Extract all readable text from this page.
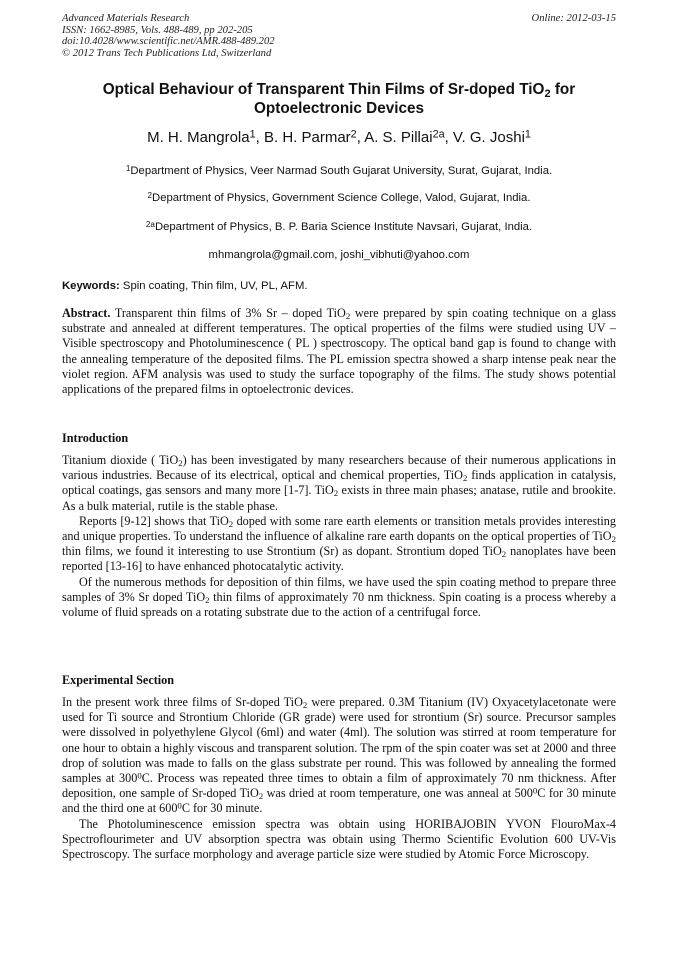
Advanced Materials Research
ISSN: 1662-8985, Vols. 488-489, pp 202-205
doi:10.4028/www.scientific.net/AMR.488-489.202
© 2012 Trans Tech Publications Ltd, Switzerland
Online: 2012-03-15
Optical Behaviour of Transparent Thin Films of Sr-doped TiO$_2$ for
Optoelectronic Devices
M. H. Mangrola$^1$, B. H. Parmar$^2$, A. S. Pillai$^{2a}$, V. G. Joshi$^1$
$^1$Department of Physics, Veer Narmad South Gujarat University, Surat, Gujarat, India.
$^2$Department of Physics, Government Science College, Valod, Gujarat, India.
$^{2a}$Department of Physics, B. P. Baria Science Institute Navsari, Gujarat, India.
mhmangrola@gmail.com, joshi_vibhuti@yahoo.com
Keywords: Spin coating, Thin film, UV, PL, AFM.

Abstract. Transparent thin films of 3% Sr – doped TiO$_2$ were prepared by spin coating technique on a glass substrate and annealed at different temperatures. The optical properties of the films were studied using UV – Visible spectroscopy and Photoluminescence ( PL ) spectroscopy. The optical band gap is found to change with the annealing temperature of the deposited films. The PL emission spectra showed a sharp intense peak near the violet region. AFM analysis was used to study the surface topography of the films. The study shows potential applications of the prepared films in optoelectronic devices.

Introduction

Titanium dioxide ( TiO$_2$) has been investigated by many researchers because of their numerous applications in various industries. Because of its electrical, optical and chemical properties, TiO$_2$ finds application in catalysis, optical coatings, gas sensors and many more [1-7]. TiO$_2$ exists in three main phases; anatase, rutile and brookite. As a bulk material, rutile is the stable phase.

Reports [9-12] shows that TiO$_2$ doped with some rare earth elements or transition metals provides interesting and unique properties. To understand the influence of alkaline rare earth dopants on the optical properties of TiO$_2$ thin films, we found it interesting to use Strontium (Sr) as dopant. Strontium doped TiO$_2$ nanoplates have been reported [13-16] to have enhanced photocatalytic activity.

Of the numerous methods for deposition of thin films, we have used the spin coating method to prepare three samples of 3% Sr doped TiO$_2$ thin films of approximately 70 nm thickness. Spin coating is a process whereby a volume of fluid spreads on a rotating substrate due to the action of a centrifugal force.

Experimental Section

In the present work three films of Sr-doped TiO$_2$ were prepared. 0.3M Titanium (IV) Oxyacetylacetonate were used for Ti source and Strontium Chloride (GR grade) were used for strontium (Sr) source. Precursor samples were dissolved in polyethylene Glycol (6ml) and water (4ml). The solution was stirred at room temperature for one hour to obtain a highly viscous and transparent solution. The rpm of the spin coater was set at 2000 and three drop of solution was made to falls on the glass substrate per round. This was followed by annealing the formed samples at $300^0C$. Process was repeated three times to obtain a film of approximately 70 nm thickness. After deposition, one sample of Sr-doped TiO$_2$ was dried at room temperature, one was anneal at $500^0C$ for 30 minute and the third one at $600^0C$ for 30 minute.

The Photoluminescence emission spectra was obtain using HORIBAJOBIN YVON FlouroMax-4 Spectroflourimeter and UV absorption spectra was obtain using Thermo Scientific Evolution 600 UV-Vis Spectroscopy. The surface morphology and average particle size were studied by Atomic Force Microscopy.
